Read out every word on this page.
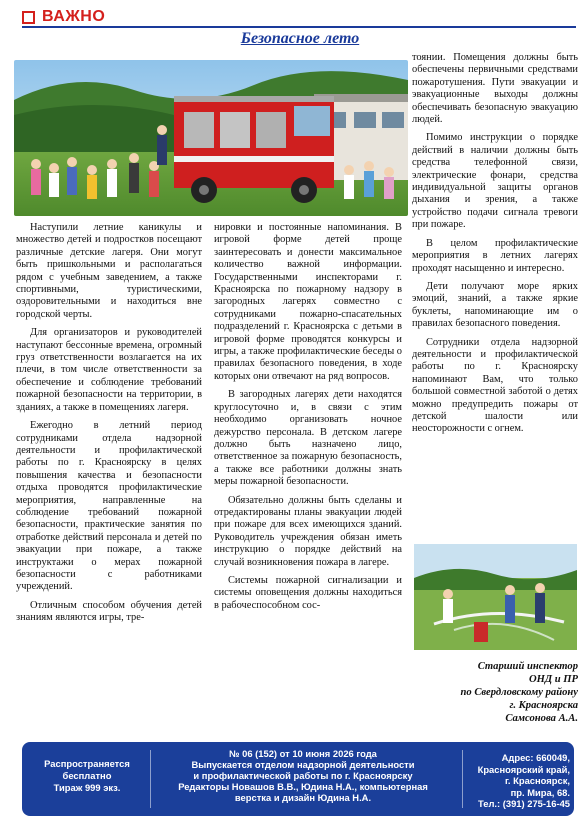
ВАЖНО
Безопасное лето

Наступили летние каникулы и множество детей и подростков посещают различные детские лагеря. Они могут быть пришкольными и располагаться рядом с учебным заведением, а также спортивными, туристическими, оздоровительными и находиться вне городской черты.

Для организаторов и руководителей наступают бессонные времена, огромный груз ответственности возлагается на их плечи, в том числе ответственности за обеспечение и соблюдение требований пожарной безопасности на территории, в зданиях, а также в помещениях лагеря.

Ежегодно в летний период сотрудниками отдела надзорной деятельности и профилактической работы по г. Красноярску в целях повышения качества и безопасности отдыха проводятся профилактические мероприятия, направленные на соблюдение требований пожарной безопасности, практические занятия по отработке действий персонала и детей по эвакуации при пожаре, а также инструктажи о мерах пожарной безопасности с работниками учреждений.

Отличным способом обучения детей знаниям являются игры, тре-

нировки и постоянные напоминания. В игровой форме детей проще заинтересовать и донести максимальное количество важной информации. Государственными инспекторами г. Красноярска по пожарному надзору в загородных лагерях совместно с сотрудниками пожарно-спасательных подразделений г. Красноярска с детьми в игровой форме проводятся конкурсы и игры, а также профилактические беседы о правилах безопасного поведения, в ходе которых они отвечают на ряд вопросов.

В загородных лагерях дети находятся круглосуточно и, в связи с этим необходимо организовать ночное дежурство персонала. В детском лагере должно быть назначено лицо, ответственное за пожарную безопасность, а также все работники должны знать меры пожарной безопасности.

Обязательно должны быть сделаны и отредактированы планы эвакуации людей при пожаре для всех имеющихся зданий. Руководитель учреждения обязан иметь инструкцию о порядке действий на случай возникновения пожара в лагере.

Системы пожарной сигнализации и системы оповещения должны находиться в рабочеспособном сос-

тоянии. Помещения должны быть обеспечены первичными средствами пожаротушения. Пути эвакуации и эвакуационные выходы должны обеспечивать безопасную эвакуацию людей.

Помимо инструкции о порядке действий в наличии должны быть средства телефонной связи, электрические фонари, средства индивидуальной защиты органов дыхания и зрения, а также устройство подачи сигнала тревоги при пожаре.

В целом профилактические мероприятия в летних лагерях проходят насыщенно и интересно.

Дети получают море ярких эмоций, знаний, а также яркие буклеты, напоминающие им о правилах безопасного поведения.

Сотрудники отдела надзорной деятельности и профилактической работы по г. Красноярску напоминают Вам, что только большой совместной заботой о детях можно предупредить пожары от детской шалости или неосторожности с огнем.

Старший инспектор
ОНД и ПР
по Свердловскому району
г. Красноярска
Самсонова А.А.
Распространяется
бесплатно
Тираж 999 экз.
№ 06 (152) от 10 июня 2026 года
Выпускается отделом надзорной деятельности
и профилактической работы по г. Красноярску
Редакторы Новашов В.В., Юдина Н.А., компьютерная
верстка и дизайн Юдина Н.А.
Адрес: 660049,
Красноярский край,
г. Красноярск,
пр. Мира, 68.
Тел.: (391) 275-16-45
